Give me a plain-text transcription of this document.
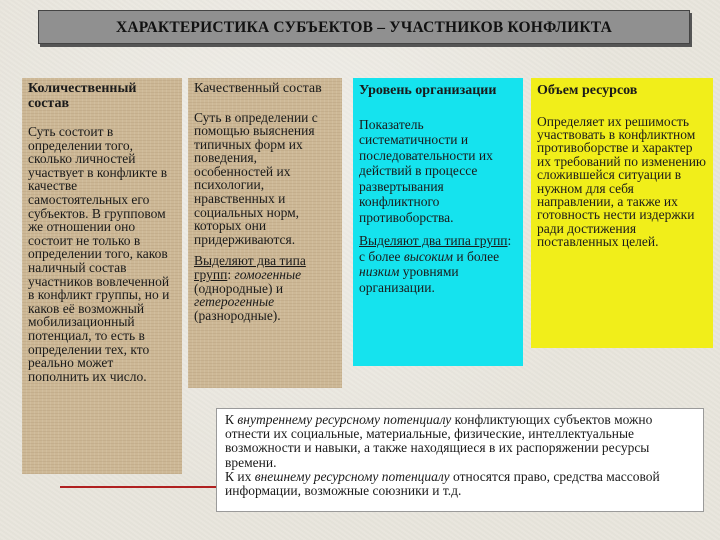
ХАРАКТЕРИСТИКА СУБЪЕКТОВ – УЧАСТНИКОВ КОНФЛИКТА
Количественный состав
Суть состоит в определении того, сколько личностей участвует в конфликте в качестве самостоятельных его субъектов. В групповом же отношении оно состоит не только в определении того, каков наличный состав участников вовлеченной в конфликт группы, но и каков её возможный мобилизационный потенциал, то есть в определении тех, кто реально может пополнить их число.
Качественный состав
Суть в определении с помощью выяснения типичных форм их поведения, особенностей их психологии, нравственных и социальных норм, которых они придерживаются.
Выделяют два типа групп: гомогенные (однородные) и гетерогенные (разнородные).
Уровень организации
Показатель систематичности и последовательности их действий в процессе развертывания конфликтного противоборства.
Выделяют два типа групп: с более высоким и более низким уровнями организации.
Объем ресурсов
Определяет их решимость участвовать в конфликтном противоборстве и характер их требований по изменению сложившейся ситуации в нужном для себя направлении, а также их готовность нести издержки ради достижения поставленных целей.
К внутреннему ресурсному потенциалу конфликтующих субъектов можно отнести их социальные, материальные, физические, интеллектуальные возможности и навыки, а также находящиеся в их распоряжении ресурсы времени.
К их внешнему ресурсному потенциалу относятся право, средства массовой информации, возможные союзники и т.д.
